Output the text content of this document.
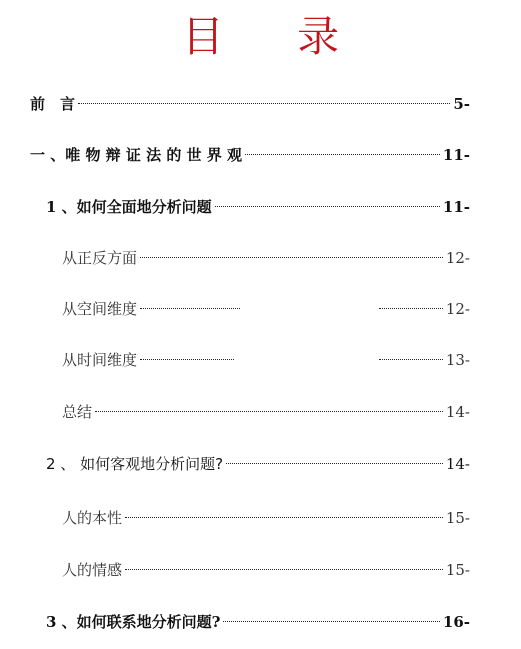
目 录
前　言	5-
一 、唯 物 辩 证 法 的 世 界 观	11-
1 、如何全面地分析问题	11-
从正反方面	12-
从空间维度	12-
从时间维度	13-
总结	14-
2 、 如何客观地分析问题?	14-
人的本性	15-
人的情感	15-
3 、如何联系地分析问题?	16-
